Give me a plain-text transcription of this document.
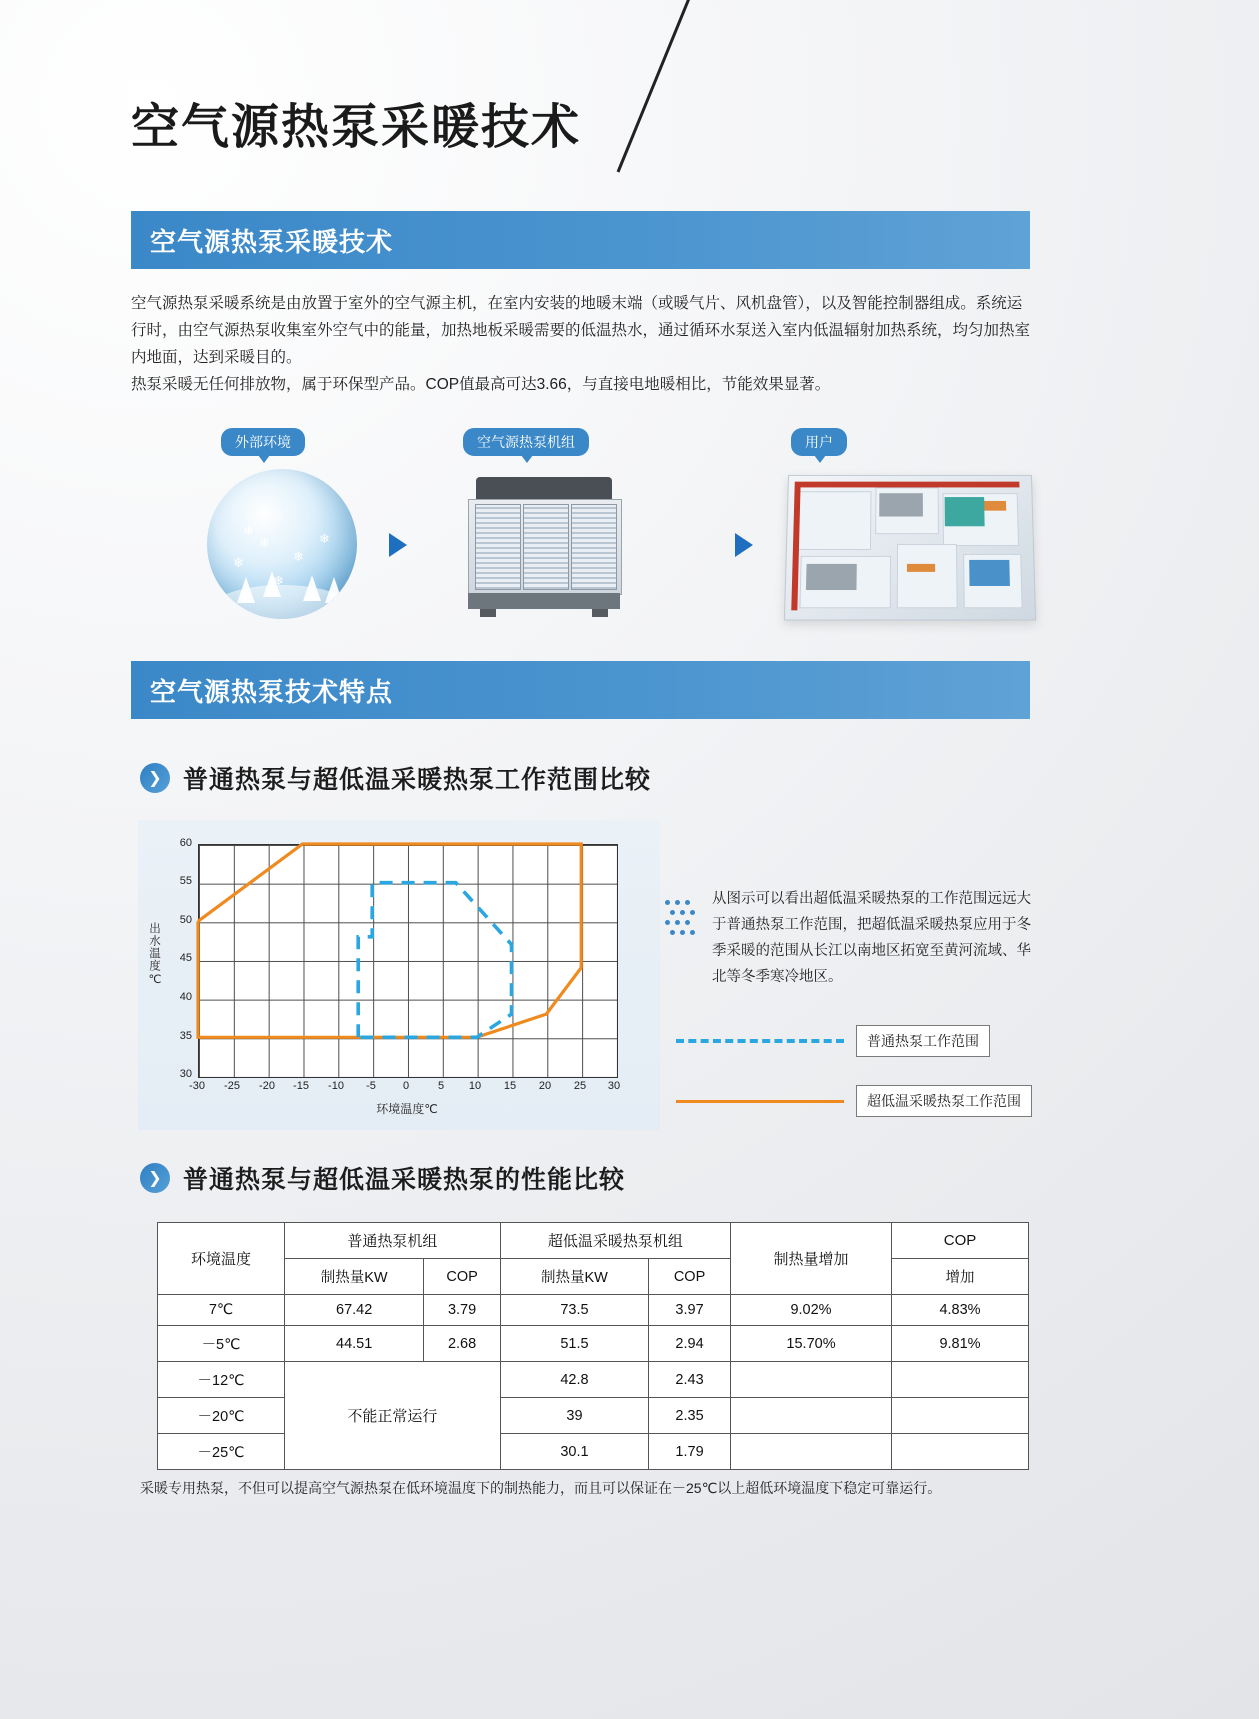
空气源热泵采暖技术
空气源热泵采暖技术

空气源热泵采暖系统是由放置于室外的空气源主机，在室内安装的地暖末端（或暖气片、风机盘管），以及智能控制器组成。系统运行时，由空气源热泵收集室外空气中的能量，加热地板采暖需要的低温热水，通过循环水泵送入室内低温辐射加热系统，均匀加热室内地面，达到采暖目的。

热泵采暖无任何排放物，属于环保型产品。COP值最高可达3.66，与直接电地暖相比，节能效果显著。

外部环境	空气源热泵机组	用户
❄
❄
❄
❄
❄
❄
空气源热泵技术特点
❯ 普通热泵与超低温采暖热泵工作范围比较
出水温度℃
环境温度℃
60
55
50
45
40
35
30
-30	-25	-20	-15	-10	-5	0	5	10	15	20	25	30
从图示可以看出超低温采暖热泵的工作范围远远大于普通热泵工作范围，把超低温采暖热泵应用于冬季采暖的范围从长江以南地区拓宽至黄河流域、华北等冬季寒冷地区。
普通热泵工作范围
超低温采暖热泵工作范围
❯ 普通热泵与超低温采暖热泵的性能比较
环境温度	普通热泵机组		超低温采暖热泵机组		制热量增加	COP
	制热量KW	COP	制热量KW	COP		增加
7℃	67.42	3.79	73.5	3.97	9.02%	4.83%
－5℃	44.51	2.68	51.5	2.94	15.70%	9.81%
－12℃	不能正常运行		42.8	2.43		
－20℃			39	2.35		
－25℃			30.1	1.79		
采暖专用热泵，不但可以提高空气源热泵在低环境温度下的制热能力，而且可以保证在－25℃以上超低环境温度下稳定可靠运行。
